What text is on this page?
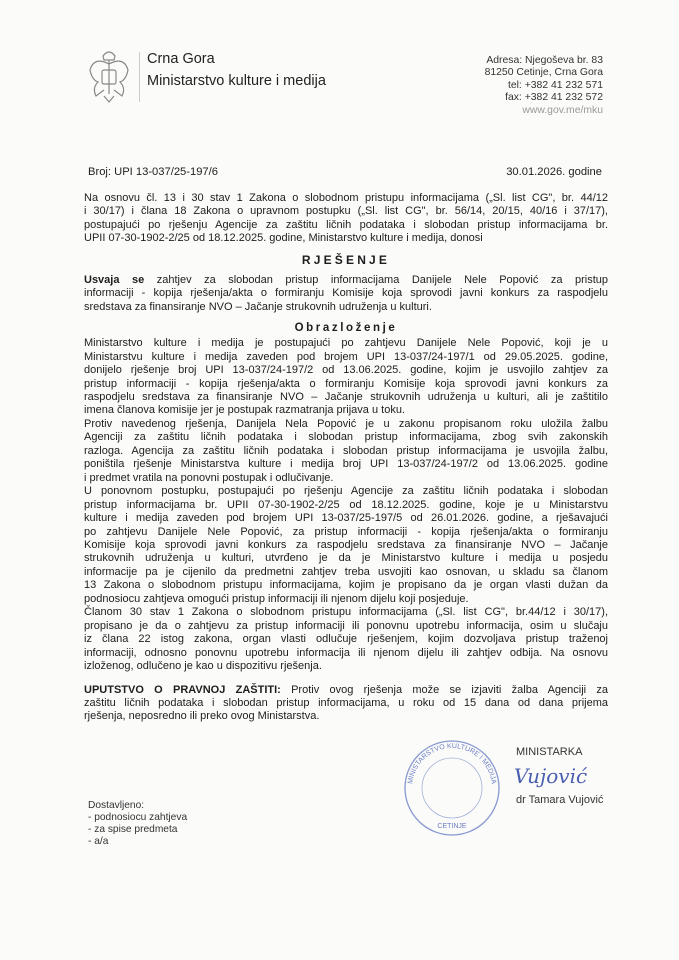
Crna Gora
Ministarstvo kulture i medija
Adresa: Njegoševa br. 83
81250 Cetinje, Crna Gora
tel: +382 41 232 571
fax: +382 41 232 572
www.gov.me/mku
Broj: UPI 13-037/25-197/6	30.01.2026. godine
Na osnovu čl. 13 i 30 stav 1 Zakona o slobodnom pristupu informacijama („Sl. list CG", br. 44/12
i 30/17) i člana 18 Zakona o upravnom postupku („Sl. list CG", br. 56/14, 20/15, 40/16 i 37/17),
postupajući po rješenju Agencije za zaštitu ličnih podataka i slobodan pristup informacijama br.
UPII 07-30-1902-2/25 od 18.12.2025. godine, Ministarstvo kulture i medija, donosi
RJEŠENJE
Usvaja se zahtjev za slobodan pristup informacijama Danijele Nele Popović za pristup
informaciji - kopija rješenja/akta o formiranju Komisije koja sprovodi javni konkurs za raspodjelu
sredstava za finansiranje NVO – Jačanje strukovnih udruženja u kulturi.
Obrazloženje
Ministarstvo kulture i medija je postupajući po zahtjevu Danijele Nele Popović, koji je u
Ministarstvu kulture i medija zaveden pod brojem UPI 13-037/24-197/1 od 29.05.2025. godine,
donijelo rješenje broj UPI 13-037/24-197/2 od 13.06.2025. godine, kojim je usvojilo zahtjev za
pristup informaciji - kopija rješenja/akta o formiranju Komisije koja sprovodi javni konkurs za
raspodjelu sredstava za finansiranje NVO – Jačanje strukovnih udruženja u kulturi, ali je zaštitilo
imena članova komisije jer je postupak razmatranja prijava u toku.
Protiv navedenog rješenja, Danijela Nela Popović je u zakonu propisanom roku uložila žalbu
Agenciji za zaštitu ličnih podataka i slobodan pristup informacijama, zbog svih zakonskih
razloga. Agencija za zaštitu ličnih podataka i slobodan pristup informacijama je usvojila žalbu,
poništila rješenje Ministarstva kulture i medija broj UPI 13-037/24-197/2 od 13.06.2025. godine
i predmet vratila na ponovni postupak i odlučivanje.
U ponovnom postupku, postupajući po rješenju Agencije za zaštitu ličnih podataka i slobodan
pristup informacijama br. UPII 07-30-1902-2/25 od 18.12.2025. godine, koje je u Ministarstvu
kulture i medija zaveden pod brojem UPI 13-037/25-197/5 od 26.01.2026. godine, a rješavajući
po zahtjevu Danijele Nele Popović, za pristup informaciji - kopija rješenja/akta o formiranju
Komisije koja sprovodi javni konkurs za raspodjelu sredstava za finansiranje NVO – Jačanje
strukovnih udruženja u kulturi, utvrđeno je da je Ministarstvo kulture i medija u posjedu
informacije pa je cijenilo da predmetni zahtjev treba usvojiti kao osnovan, u skladu sa članom
13 Zakona o slobodnom pristupu informacijama, kojim je propisano da je organ vlasti dužan da
podnosiocu zahtjeva omogući pristup informaciji ili njenom dijelu koji posjeduje.
Članom 30 stav 1 Zakona o slobodnom pristupu informacijama („Sl. list CG", br.44/12 i 30/17),
propisano je da o zahtjevu za pristup informaciji ili ponovnu upotrebu informacija, osim u slučaju
iz člana 22 istog zakona, organ vlasti odlučuje rješenjem, kojim dozvoljava pristup traženoj
informaciji, odnosno ponovnu upotrebu informacija ili njenom dijelu ili zahtjev odbija. Na osnovu
izloženog, odlučeno je kao u dispozitivu rješenja.
UPUTSTVO O PRAVNOJ ZAŠTITI: Protiv ovog rješenja može se izjaviti žalba Agenciji za
zaštitu ličnih podataka i slobodan pristup informacijama, u roku od 15 dana od dana prijema
rješenja, neposredno ili preko ovog Ministarstva.
MINISTARSTVO KULTURE I MEDIJA
CETINJE
MINISTARKA
Vujović
dr Tamara Vujović
Dostavljeno:
- podnosiocu zahtjeva
- za spise predmeta
- a/a
